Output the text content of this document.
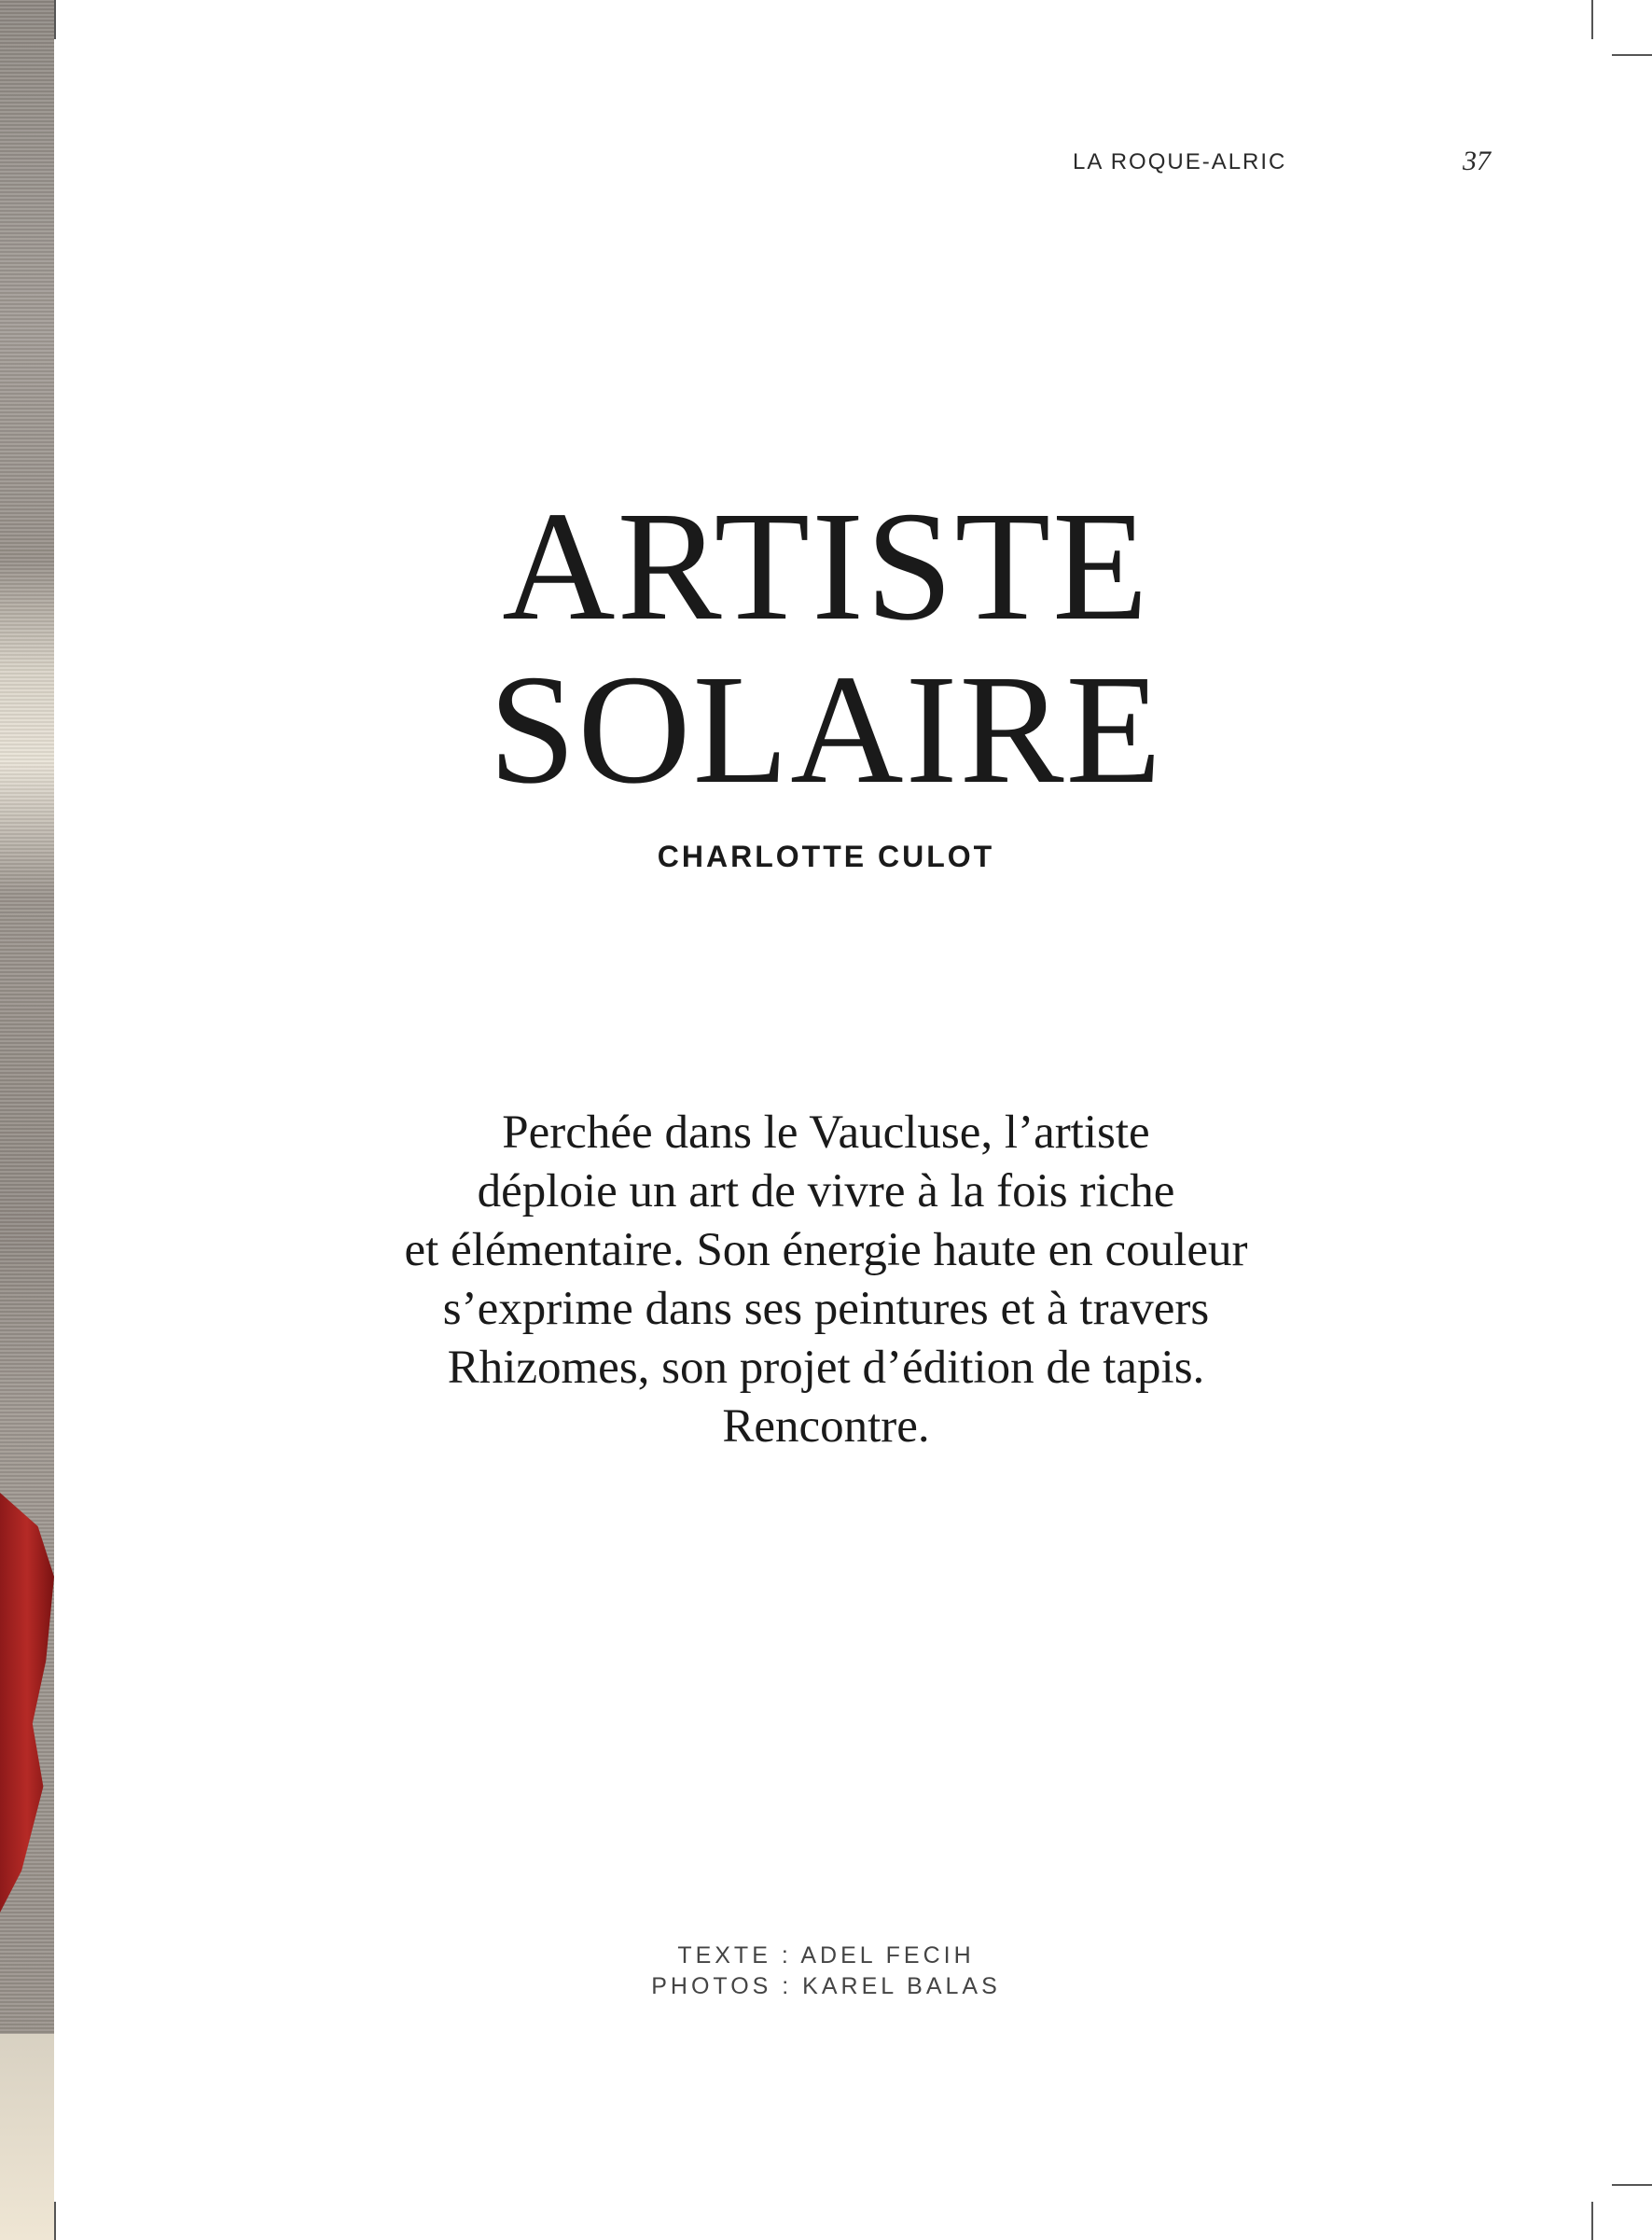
LA ROQUE-ALRIC	37
ARTISTE
SOLAIRE
CHARLOTTE CULOT
Perchée dans le Vaucluse, l’artiste
déploie un art de vivre à la fois riche
et élémentaire. Son énergie haute en couleur
s’exprime dans ses peintures et à travers
Rhizomes, son projet d’édition de tapis.
Rencontre.
TEXTE : ADEL FECIH
PHOTOS : KAREL BALAS
